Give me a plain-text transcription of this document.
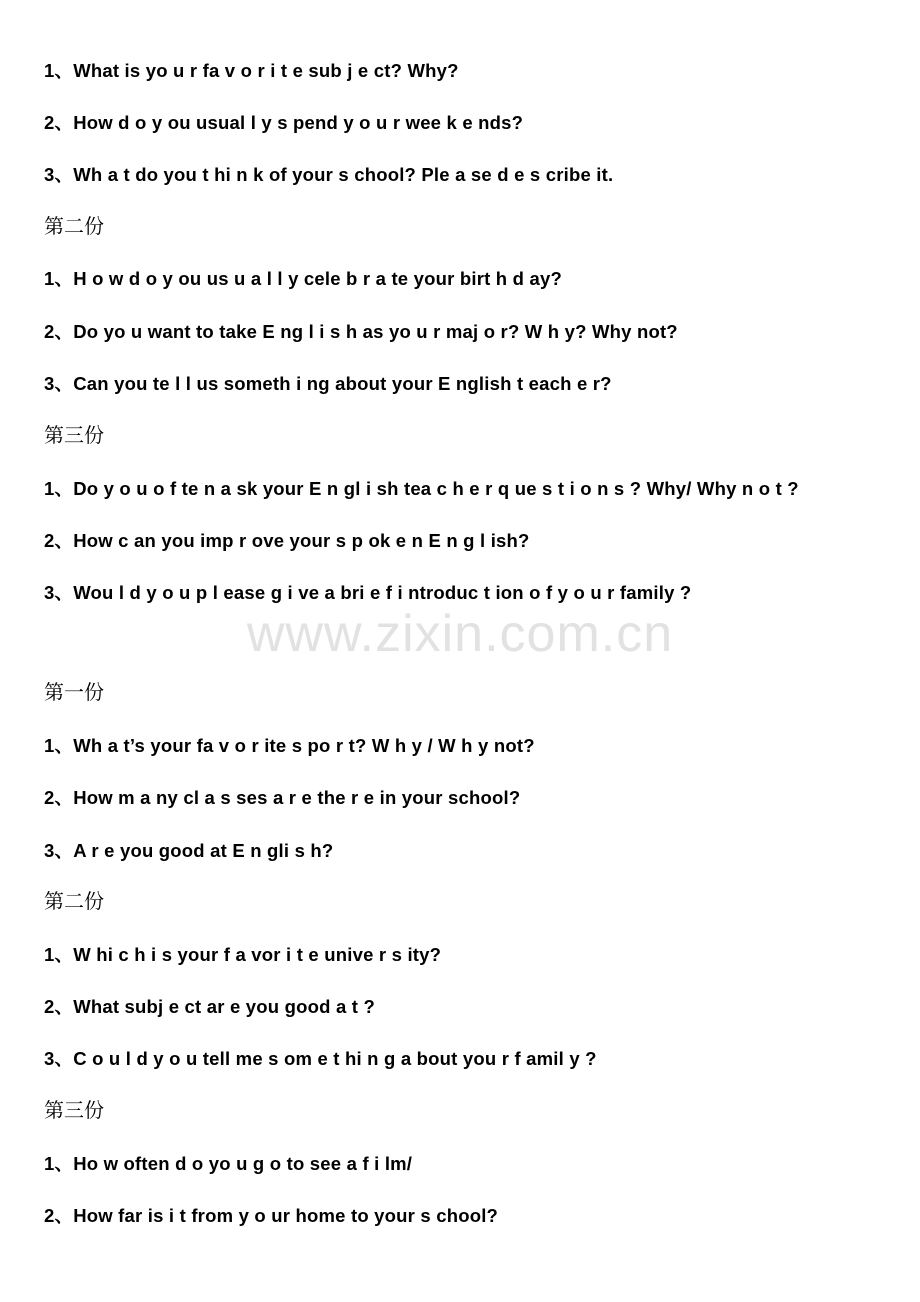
1、What is yo u r fa v o r i t e sub j e ct? Why?
2、How d o y ou usual l y s pend y o u r wee k e nds?
3、Wh a t do you t hi n k of your s chool? Ple a se d e s cribe it.
第二份
1、H o w d o y ou us u a l l y cele b r a te your birt h d ay?
2、Do yo u want to take E ng l i s h as yo u r maj o r? W h y? Why not?
3、Can you te l l us someth i ng about your E nglish t each e r?
第三份
1、Do y o u o f te n a sk your E n gl i sh tea c h e r q ue s t i o n s ? Why/ Why n o t ?
2、How c an you imp r ove your s p ok e n E n g l ish?
3、Wou l d y o u p l ease g i ve a bri e f i ntroduc t ion o f y o u r family ?
www.zixin.com.cn
第一份
1、Wh a t’s your fa v o r ite s po r t? W h y / W h y not?
2、How m a ny cl a s ses a r e the r e in your school?
3、A r e you good at E n gli s h?
第二份
1、W hi c h i s your f a vor i t e unive r s ity?
2、What subj e ct ar e you good a t ?
3、C o u l d y o u tell me s om e t hi n g a bout you r f amil y ?
第三份
1、Ho w often d o yo u g o to see a f i lm/
2、How far is i t from y o ur home to your s chool?
